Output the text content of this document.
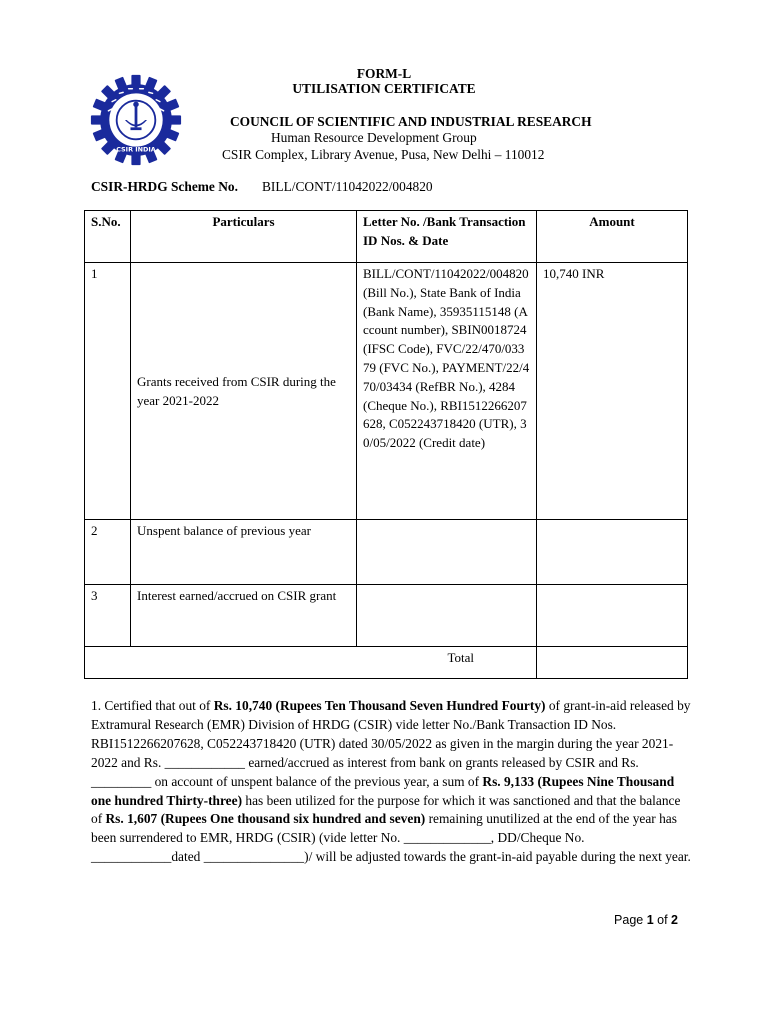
CSIR INDIA
FORM-L
UTILISATION CERTIFICATE
COUNCIL OF SCIENTIFIC AND INDUSTRIAL RESEARCH
Human Resource Development Group
CSIR Complex, Library Avenue, Pusa, New Delhi – 110012
CSIR-HRDG Scheme No. BILL/CONT/11042022/004820
S.No.	Particulars	Letter No. /Bank Transaction ID Nos. & Date	Amount
1	Grants received from CSIR during the year 2021-2022	BILL/CONT/11042022/004820 (Bill No.), State Bank of India (Bank Name), 35935115148 (Account number), SBIN0018724 (IFSC Code), FVC/22/470/03379 (FVC No.), PAYMENT/22/470/03434 (RefBR No.), 4284 (Cheque No.), RBI1512266207628, C052243718420 (UTR), 30/05/2022 (Credit date)	10,740 INR
2	Unspent balance of previous year		
3	Interest earned/accrued on CSIR grant		
Total			
1. Certified that out of Rs. 10,740 (Rupees Ten Thousand Seven Hundred Fourty) of grant-in-aid released by Extramural Research (EMR) Division of HRDG (CSIR) vide letter No./Bank Transaction ID Nos. RBI1512266207628, C052243718420 (UTR) dated 30/05/2022 as given in the margin during the year 2021-2022 and Rs. ____________ earned/accrued as interest from bank on grants released by CSIR and Rs. _________ on account of unspent balance of the previous year, a sum of Rs. 9,133 (Rupees Nine Thousand one hundred Thirty-three) has been utilized for the purpose for which it was sanctioned and that the balance of Rs. 1,607 (Rupees One thousand six hundred and seven) remaining unutilized at the end of the year has been surrendered to EMR, HRDG (CSIR) (vide letter No. _____________, DD/Cheque No. ____________dated _______________)/ will be adjusted towards the grant-in-aid payable during the next year.
Page 1 of 2
